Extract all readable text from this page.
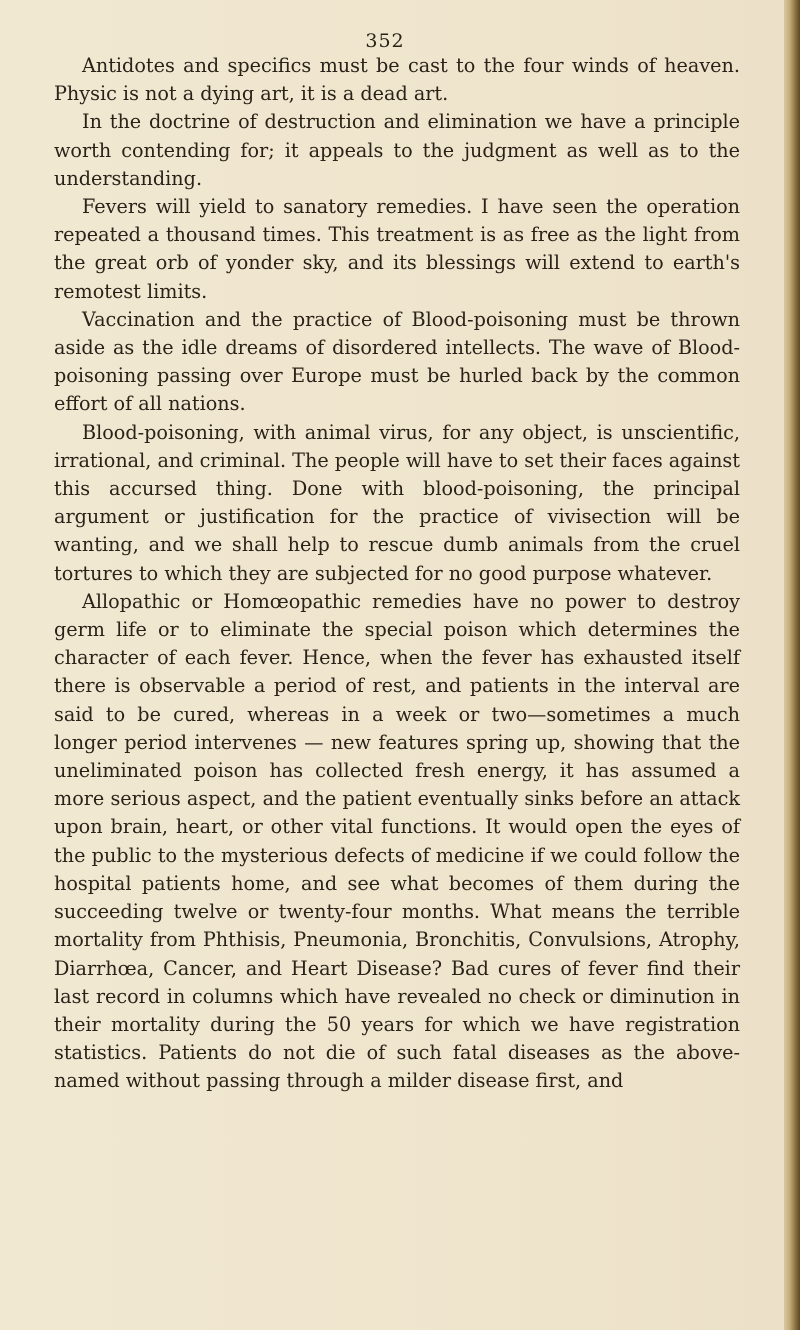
352

Antidotes and specifics must be cast to the four winds of heaven. Physic is not a dying art, it is a dead art.

In the doctrine of destruction and elimination we have a principle worth contending for; it appeals to the judgment as well as to the understanding.

Fevers will yield to sanatory remedies. I have seen the operation repeated a thousand times. This treatment is as free as the light from the great orb of yonder sky, and its blessings will extend to earth's remotest limits.

Vaccination and the practice of Blood-poisoning must be thrown aside as the idle dreams of disordered intellects. The wave of Blood-poisoning passing over Europe must be hurled back by the common effort of all nations.

Blood-poisoning, with animal virus, for any object, is unscientific, irrational, and criminal. The people will have to set their faces against this accursed thing. Done with blood-poisoning, the principal argument or justification for the practice of vivisection will be wanting, and we shall help to rescue dumb animals from the cruel tortures to which they are subjected for no good purpose whatever.

Allopathic or Homœopathic remedies have no power to destroy germ life or to eliminate the special poison which determines the character of each fever. Hence, when the fever has exhausted itself there is observable a period of rest, and patients in the interval are said to be cured, whereas in a week or two—sometimes a much longer period intervenes — new features spring up, showing that the uneliminated poison has collected fresh energy, it has assumed a more serious aspect, and the patient eventually sinks before an attack upon brain, heart, or other vital functions. It would open the eyes of the public to the mysterious defects of medicine if we could follow the hospital patients home, and see what becomes of them during the succeeding twelve or twenty-four months. What means the terrible mortality from Phthisis, Pneumonia, Bronchitis, Convulsions, Atrophy, Diarrhœa, Cancer, and Heart Disease? Bad cures of fever find their last record in columns which have revealed no check or diminution in their mortality during the 50 years for which we have registration statistics. Patients do not die of such fatal diseases as the above-named without passing through a milder disease first, and
